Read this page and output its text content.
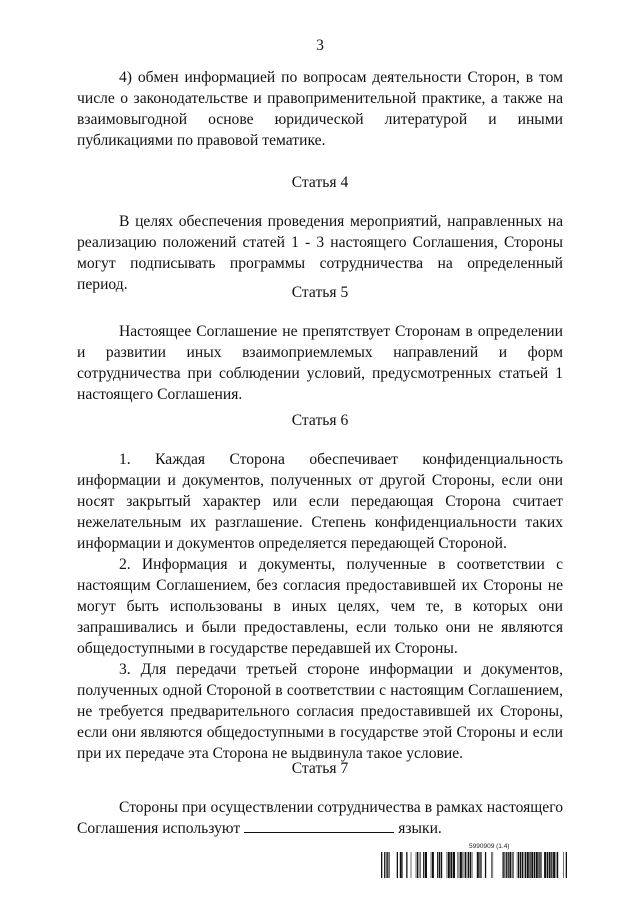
3

4) обмен информацией по вопросам деятельности Сторон, в том числе о законодательстве и правоприменительной практике, а также на взаимовыгодной основе юридической литературой и иными публикациями по правовой тематике.

Статья 4

В целях обеспечения проведения мероприятий, направленных на реализацию положений статей 1 - 3 настоящего Соглашения, Стороны могут подписывать программы сотрудничества на определенный период.	Статья 5

Настоящее Соглашение не препятствует Сторонам в определении и развитии иных взаимоприемлемых направлений и форм сотрудничества при соблюдении условий, предусмотренных статьей 1 настоящего Соглашения.

Статья 6

1. Каждая Сторона обеспечивает конфиденциальность информации и документов, полученных от другой Стороны, если они носят закрытый характер или если передающая Сторона считает нежелательным их разглашение. Степень конфиденциальности таких информации и документов определяется передающей Стороной.

2. Информация и документы, полученные в соответствии с настоящим Соглашением, без согласия предоставившей их Стороны не могут быть использованы в иных целях, чем те, в которых они запрашивались и были предоставлены, если только они не являются общедоступными в государстве передавшей их Стороны.

3. Для передачи третьей стороне информации и документов, полученных одной Стороной в соответствии с настоящим Соглашением, не требуется предварительного согласия предоставившей их Стороны, если они являются общедоступными в государстве этой Стороны и если при их передаче эта Сторона не выдвинула такое условие.

Статья 7

Стороны при осуществлении сотрудничества в рамках настоящего Соглашения используют	языки.

5990909 (1.4)
